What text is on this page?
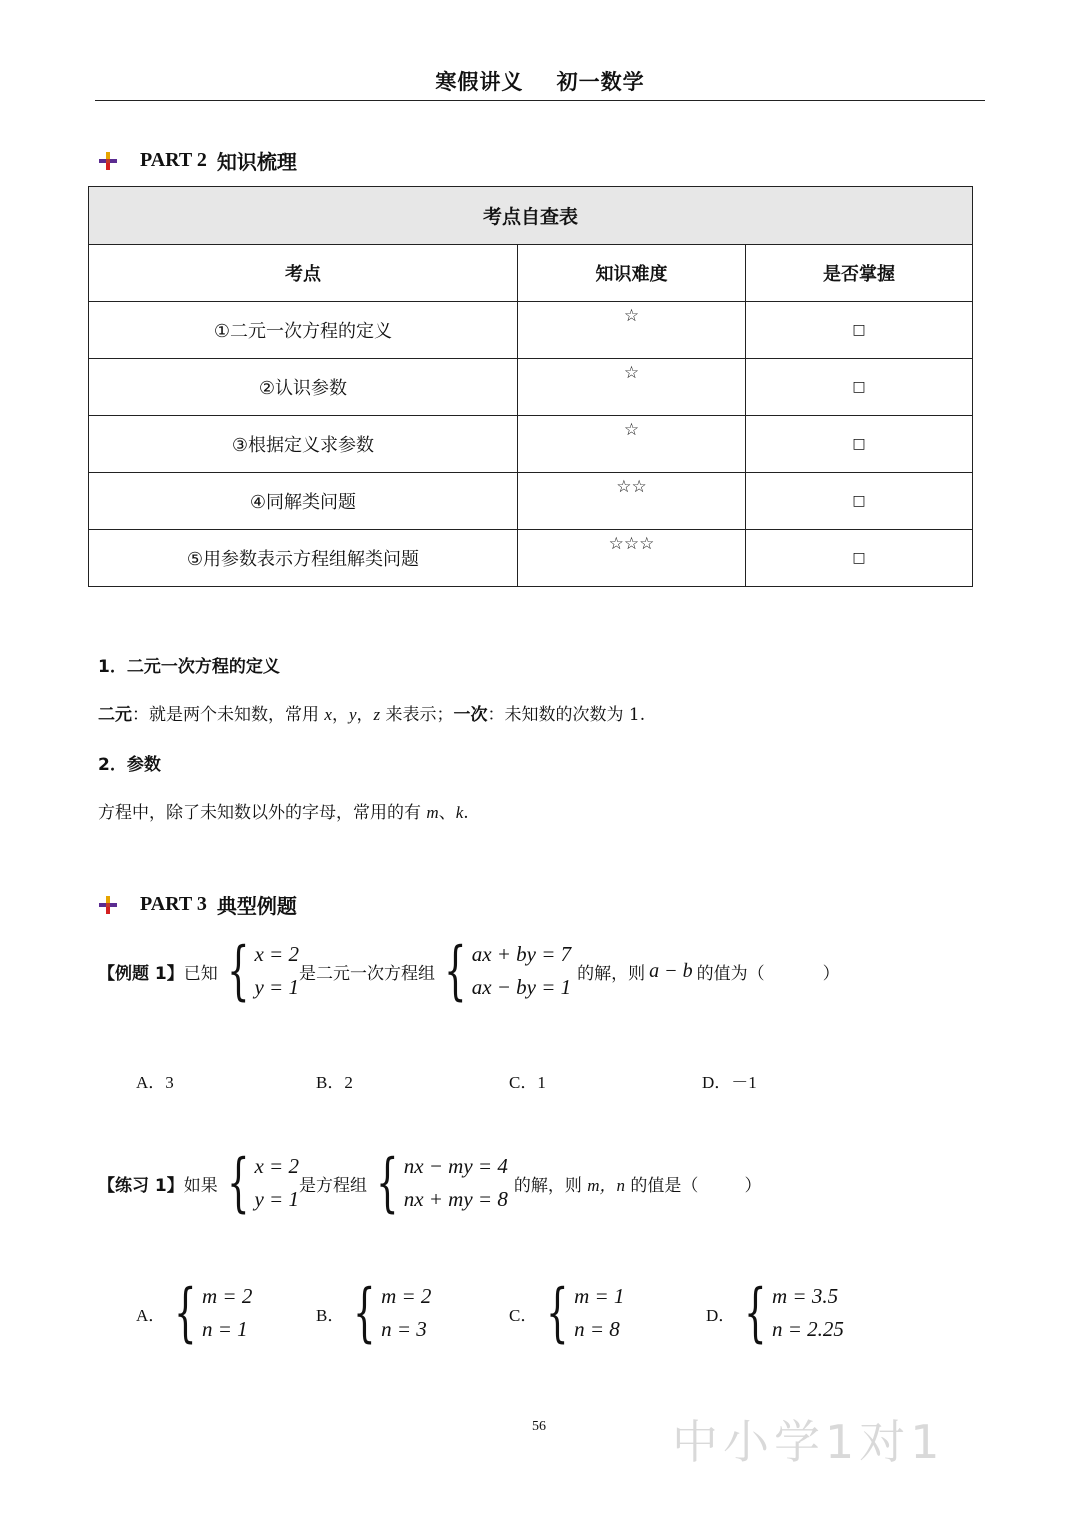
寒假讲义    初一数学
PART 2 知识梳理
考点自查表		
考点	知识难度	是否掌握
①二元一次方程的定义	☆	□
②认识参数	☆	□
③根据定义求参数	☆	□
④同解类问题	☆☆	□
⑤用参数表示方程组解类问题	☆☆☆	□
1．二元一次方程的定义
二元：就是两个未知数，常用 x，y，z 来表示；一次：未知数的次数为 1.
2．参数
方程中，除了未知数以外的字母，常用的有 m、k.
PART 3 典型例题
【例题 1】 已知 { x = 2
y = 1
是二元一次方程组 { ax + by = 7
ax − by = 1
的解，则 a − b 的值为（	）
A．3	B．2	C．1	D．－1
【练习 1】 如果 { x = 2
y = 1
是方程组 { nx − my = 4
nx + my = 8
的解，则 m，n 的值是（	）
A． { m = 2
n = 1
B． { m = 2
n = 3
C． { m = 1
n = 8
D． { m = 3.5
n = 2.25
56	中小学1对1
